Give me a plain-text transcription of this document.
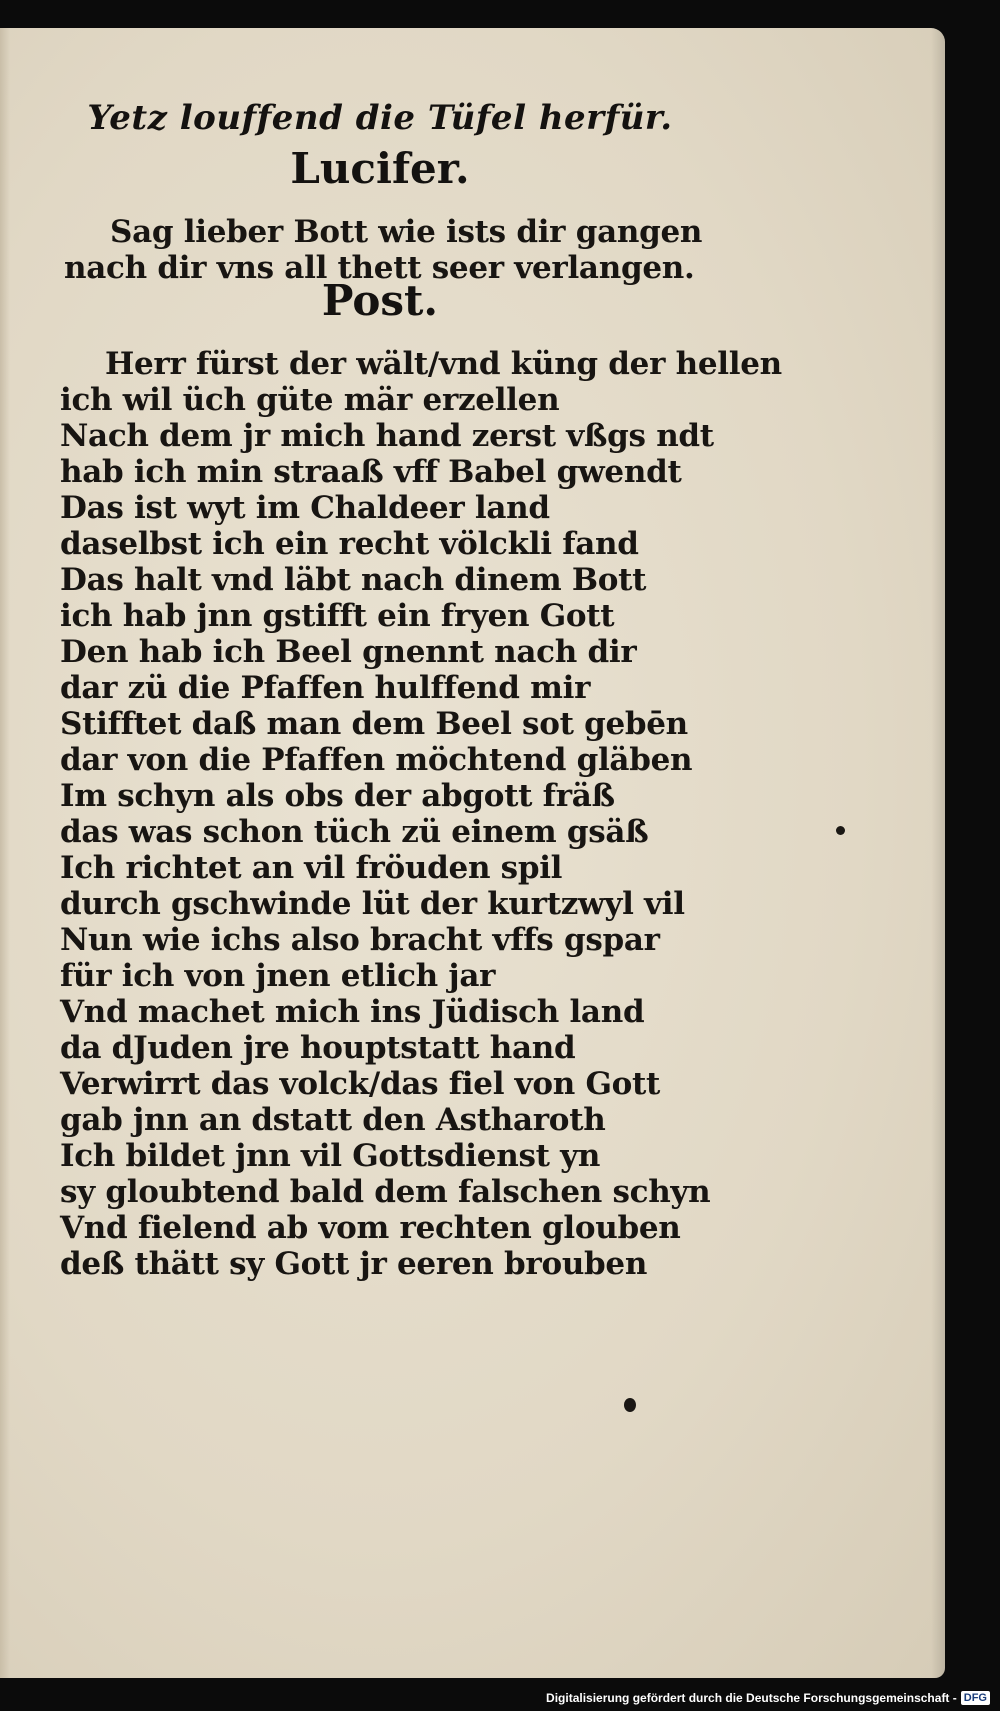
Yetz louffend die Tüfel herfür.
Lucifer.
Sag lieber Bott wie ists dir gangen
nach dir vns all thett seer verlangen.
Post.
Herr fürst der wält/vnd küng der hellen
ich wil üch güte mär erzellen
Nach dem jr mich hand zerst vßgs ndt
hab ich min straaß vff Babel gwendt
Das ist wyt im Chaldeer land
daselbst ich ein recht völckli fand
Das halt vnd läbt nach dinem Bott
ich hab jnn gstifft ein fryen Gott
Den hab ich Beel gnennt nach dir
dar zü die Pfaffen hulffend mir
Stifftet daß man dem Beel sot gebēn
dar von die Pfaffen möchtend gläben
Im schyn als obs der abgott fräß
das was schon tüch zü einem gsäß
Ich richtet an vil fröuden spil
durch gschwinde lüt der kurtzwyl vil
Nun wie ichs also bracht vffs gspar
für ich von jnen etlich jar
Vnd machet mich ins Jüdisch land
da dJuden jre houptstatt hand
Verwirrt das volck/das fiel von Gott
gab jnn an dstatt den Astharoth
Ich bildet jnn vil Gottsdienst yn
sy gloubtend bald dem falschen schyn
Vnd fielend ab vom rechten glouben
deß thätt sy Gott jr eeren brouben
Digitalisierung gefördert durch die Deutsche Forschungsgemeinschaft - DFG
